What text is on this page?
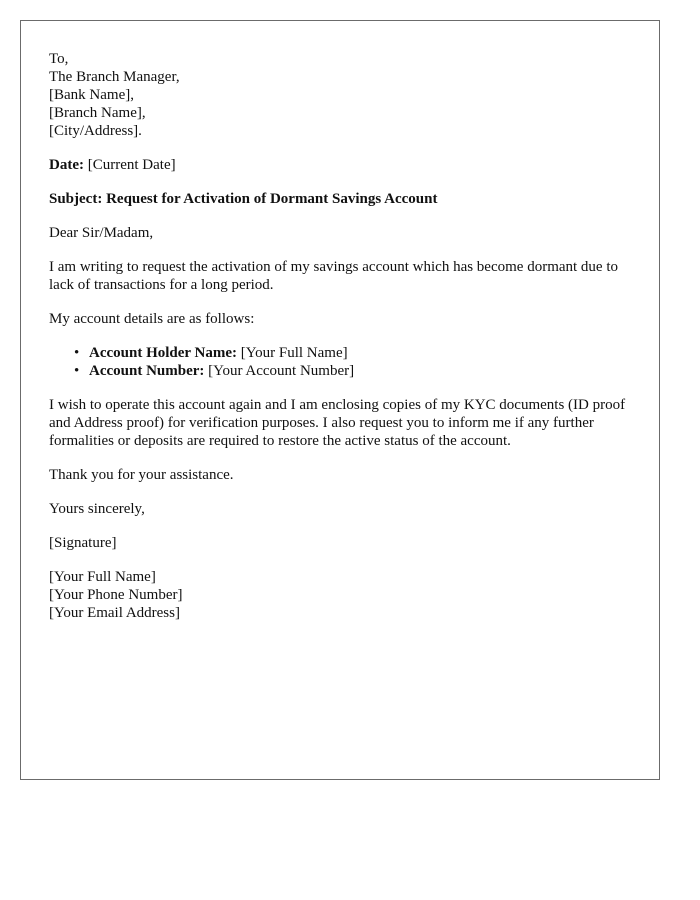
To,
The Branch Manager,
[Bank Name],
[Branch Name],
[City/Address].

Date: [Current Date]

Subject: Request for Activation of Dormant Savings Account

Dear Sir/Madam,

I am writing to request the activation of my savings account which has become dormant due to lack of transactions for a long period.

My account details are as follows:

• Account Holder Name: [Your Full Name]
• Account Number: [Your Account Number]

I wish to operate this account again and I am enclosing copies of my KYC documents (ID proof and Address proof) for verification purposes. I also request you to inform me if any further formalities or deposits are required to restore the active status of the account.

Thank you for your assistance.

Yours sincerely,

[Signature]

[Your Full Name]
[Your Phone Number]
[Your Email Address]
